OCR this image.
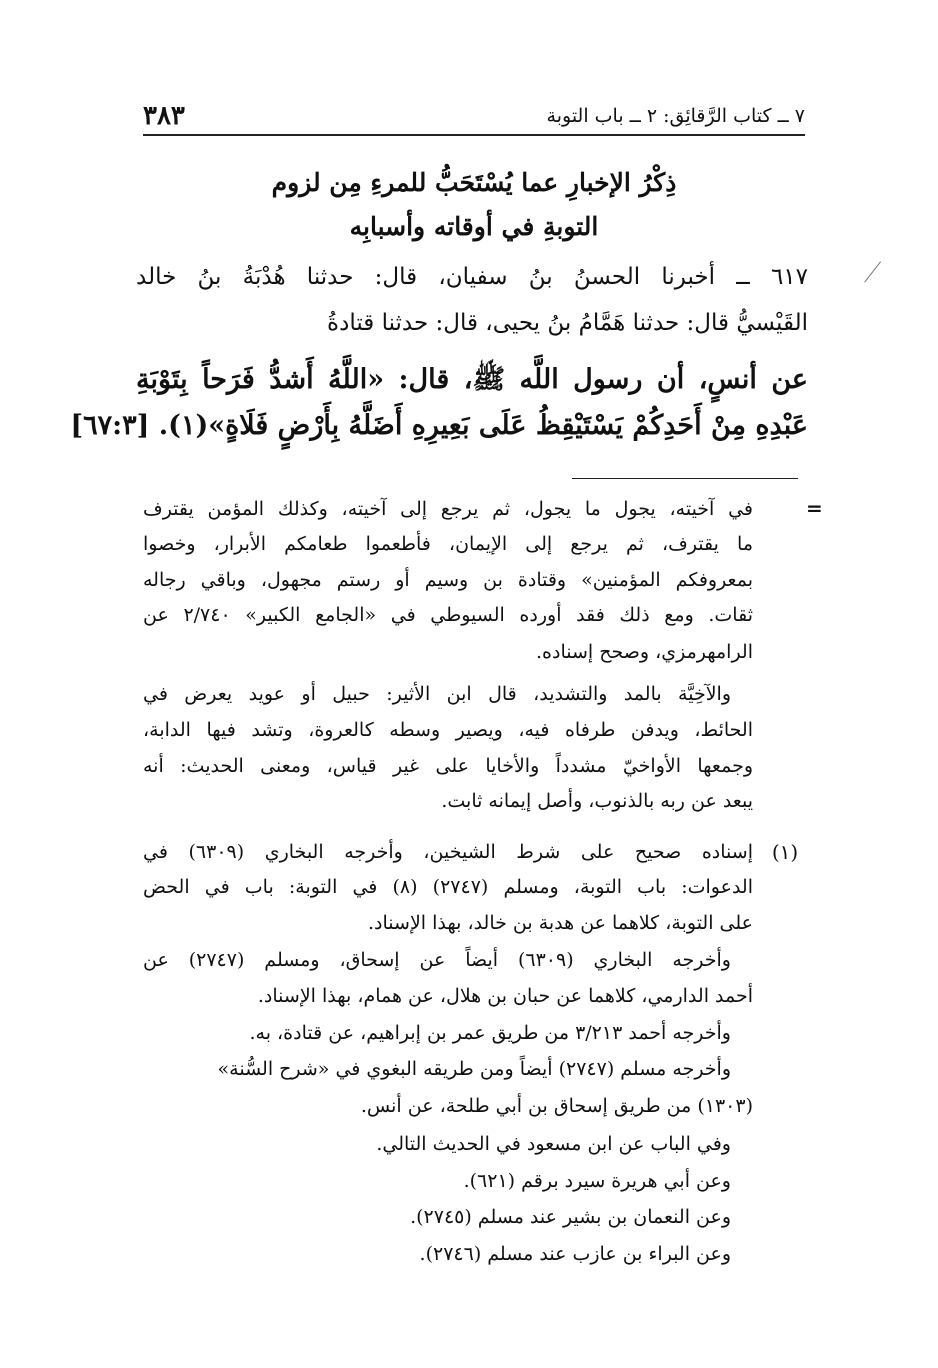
٣٨٣	٧ ــ كتاب الرَّقائِق: ٢ ــ باب التوبة
ذِكْرُ الإخبارِ عما يُسْتَحَبُّ للمرءِ مِن لزوم
التوبةِ في أوقاته وأسبابِه
٦١٧ ــ أخبرنا الحسنُ بنُ سفيان، قال: حدثنا هُدْبَةُ بنُ خالد
القَيْسيُّ قال: حدثنا هَمَّامُ بنُ يحيى، قال: حدثنا قتادةُ
عن أنسٍ، أن رسول اللَّه ﷺ، قال: «اللَّهُ أَشدُّ فَرَحاً بِتَوْبَةِ
عَبْدِهِ مِنْ أَحَدِكُمْ يَسْتَيْقِظُ عَلَى بَعِيرِهِ أَضَلَّهُ بِأَرْضٍ فَلَاةٍ»(١). [٦٧:٣]
=
في آخيته، يجول ما يجول، ثم يرجع إلى آخيته، وكذلك المؤمن يقترف
ما يقترف، ثم يرجع إلى الإيمان، فأطعموا طعامكم الأبرار، وخصوا
بمعروفكم المؤمنين» وقتادة بن وسيم أو رستم مجهول، وباقي رجاله
ثقات. ومع ذلك فقد أورده السيوطي في «الجامع الكبير» ٢/٧٤٠ عن
الرامهرمزي، وصحح إسناده.
والآخِيَّة بالمد والتشديد، قال ابن الأثير: حبيل أو عويد يعرض في
الحائط، ويدفن طرفاه فيه، ويصير وسطه كالعروة، وتشد فيها الدابة،
وجمعها الأواخيّ مشدداً والأخايا على غير قياس، ومعنى الحديث: أنه
يبعد عن ربه بالذنوب، وأصل إيمانه ثابت.
(١)
إسناده صحيح على شرط الشيخين، وأخرجه البخاري (٦٣٠٩) في
الدعوات: باب التوبة، ومسلم (٢٧٤٧) (٨) في التوبة: باب في الحض
على التوبة، كلاهما عن هدبة بن خالد، بهذا الإسناد.
وأخرجه البخاري (٦٣٠٩) أيضاً عن إسحاق، ومسلم (٢٧٤٧) عن
أحمد الدارمي، كلاهما عن حبان بن هلال، عن همام، بهذا الإسناد.
وأخرجه أحمد ٣/٢١٣ من طريق عمر بن إبراهيم، عن قتادة، به.
وأخرجه مسلم (٢٧٤٧) أيضاً ومن طريقه البغوي في «شرح السُّنة»
(١٣٠٣) من طريق إسحاق بن أبي طلحة، عن أنس.
وفي الباب عن ابن مسعود في الحديث التالي.
وعن أبي هريرة سيرد برقم (٦٢١).
وعن النعمان بن بشير عند مسلم (٢٧٤٥).
وعن البراء بن عازب عند مسلم (٢٧٤٦).
